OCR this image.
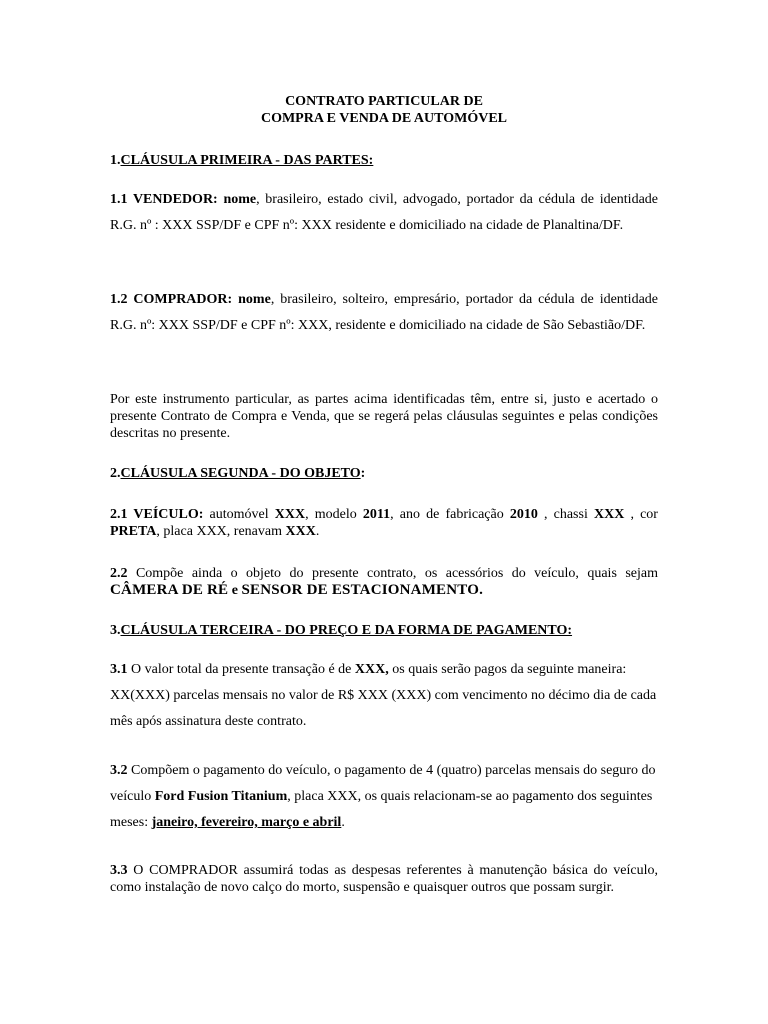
CONTRATO PARTICULAR DE
COMPRA E VENDA DE AUTOMÓVEL
1.CLÁUSULA PRIMEIRA - DAS PARTES:

1.1 VENDEDOR: nome, brasileiro, estado civil, advogado, portador da cédula de identidade R.G. nº : XXX SSP/DF e CPF nº: XXX residente e domiciliado na cidade de Planaltina/DF.

1.2 COMPRADOR: nome, brasileiro, solteiro, empresário, portador da cédula de identidade R.G. nº: XXX SSP/DF e CPF nº: XXX, residente e domiciliado na cidade de São Sebastião/DF.

Por este instrumento particular, as partes acima identificadas têm, entre si, justo e acertado o presente Contrato de Compra e Venda, que se regerá pelas cláusulas seguintes e pelas condições descritas no presente.

2.CLÁUSULA SEGUNDA - DO OBJETO:

2.1 VEÍCULO: automóvel XXX, modelo 2011, ano de fabricação 2010 , chassi XXX , cor PRETA, placa XXX, renavam XXX.

2.2 Compõe ainda o objeto do presente contrato, os acessórios do veículo, quais sejam CÂMERA DE RÉ e SENSOR DE ESTACIONAMENTO.

3.CLÁUSULA TERCEIRA - DO PREÇO E DA FORMA DE PAGAMENTO:

3.1 O valor total da presente transação é de XXX, os quais serão pagos da seguinte maneira: XX(XXX) parcelas mensais no valor de R$ XXX (XXX) com vencimento no décimo dia de cada mês após assinatura deste contrato.

3.2 Compõem o pagamento do veículo, o pagamento de 4 (quatro) parcelas mensais do seguro do veículo Ford Fusion Titanium, placa XXX, os quais relacionam-se ao pagamento dos seguintes meses: janeiro, fevereiro, março e abril.

3.3 O COMPRADOR assumirá todas as despesas referentes à manutenção básica do veículo, como instalação de novo calço do morto, suspensão e quaisquer outros que possam surgir.
